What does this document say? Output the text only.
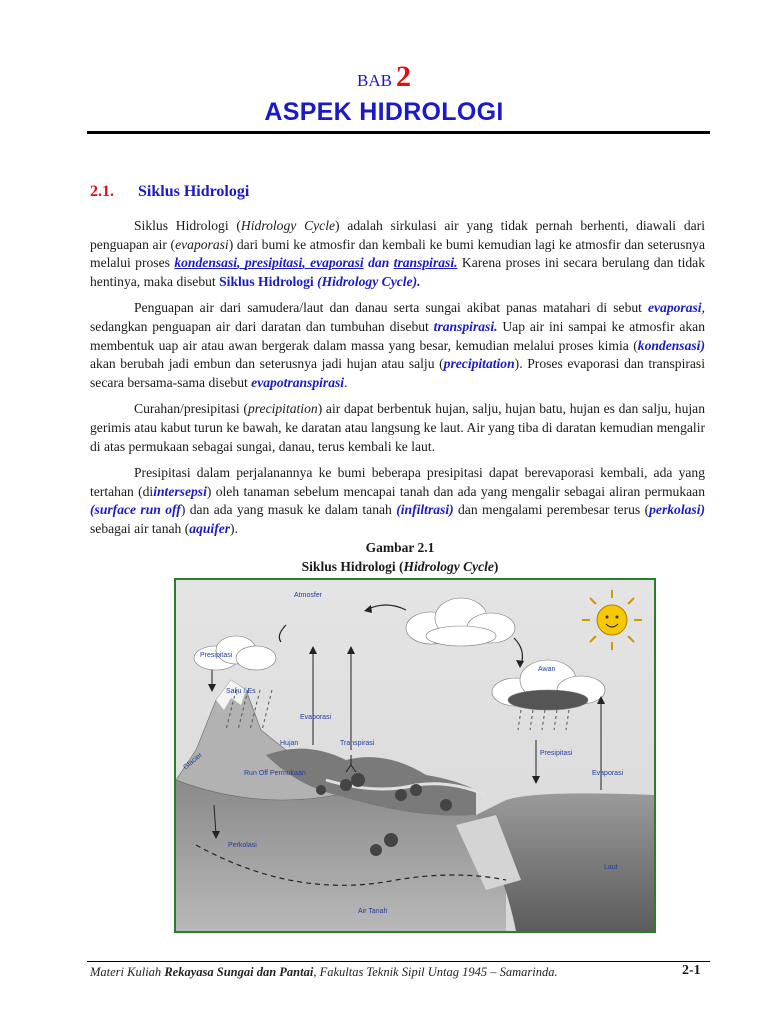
BAB 2
ASPEK HIDROLOGI
2.1. Siklus Hidrologi

Siklus Hidrologi (Hidrology Cycle) adalah sirkulasi air yang tidak pernah berhenti, diawali dari penguapan air (evaporasi) dari bumi ke atmosfir dan kembali ke bumi kemudian lagi ke atmosfir dan seterusnya melalui proses kondensasi, presipitasi, evaporasi dan transpirasi. Karena proses ini secara berulang dan tidak hentinya, maka disebut Siklus Hidrologi (Hidrology Cycle).

Penguapan air dari samudera/laut dan danau serta sungai akibat panas matahari di sebut evaporasi, sedangkan penguapan air dari daratan dan tumbuhan disebut transpirasi. Uap air ini sampai ke atmosfir akan membentuk uap air atau awan bergerak dalam massa yang besar, kemudian melalui proses kimia (kondensasi) akan berubah jadi embun dan seterusnya jadi hujan atau salju (precipitation). Proses evaporasi dan transpirasi secara bersama-sama disebut evapotranspirasi.

Curahan/presipitasi (precipitation) air dapat berbentuk hujan, salju, hujan batu, hujan es dan salju, hujan gerimis atau kabut turun ke bawah, ke daratan atau langsung ke laut. Air yang tiba di daratan kemudian mengalir di atas permukaan sebagai sungai, danau, terus kembali ke laut.

Presipitasi dalam perjalanannya ke bumi beberapa presipitasi dapat berevaporasi kembali, ada yang tertahan (diintersepsi) oleh tanaman sebelum mencapai tanah dan ada yang mengalir sebagai aliran permukaan (surface run off) dan ada yang masuk ke dalam tanah (infiltrasi) dan mengalami perembesar terus (perkolasi) sebagai air tanah (aquifer).

Gambar 2.1
Siklus Hidrologi (Hidrology Cycle)
Atmosfer
Presipitasi
Salju / Es
Evaporasi
Hujan	Transpirasi
Glacier
Run Off Permukaan
Awan
Presipitasi
Evaporasi
Perkolasi
Laut
Air Tanah
Materi Kuliah Rekayasa Sungai dan Pantai, Fakultas Teknik Sipil Untag 1945 – Samarinda.	2-1
